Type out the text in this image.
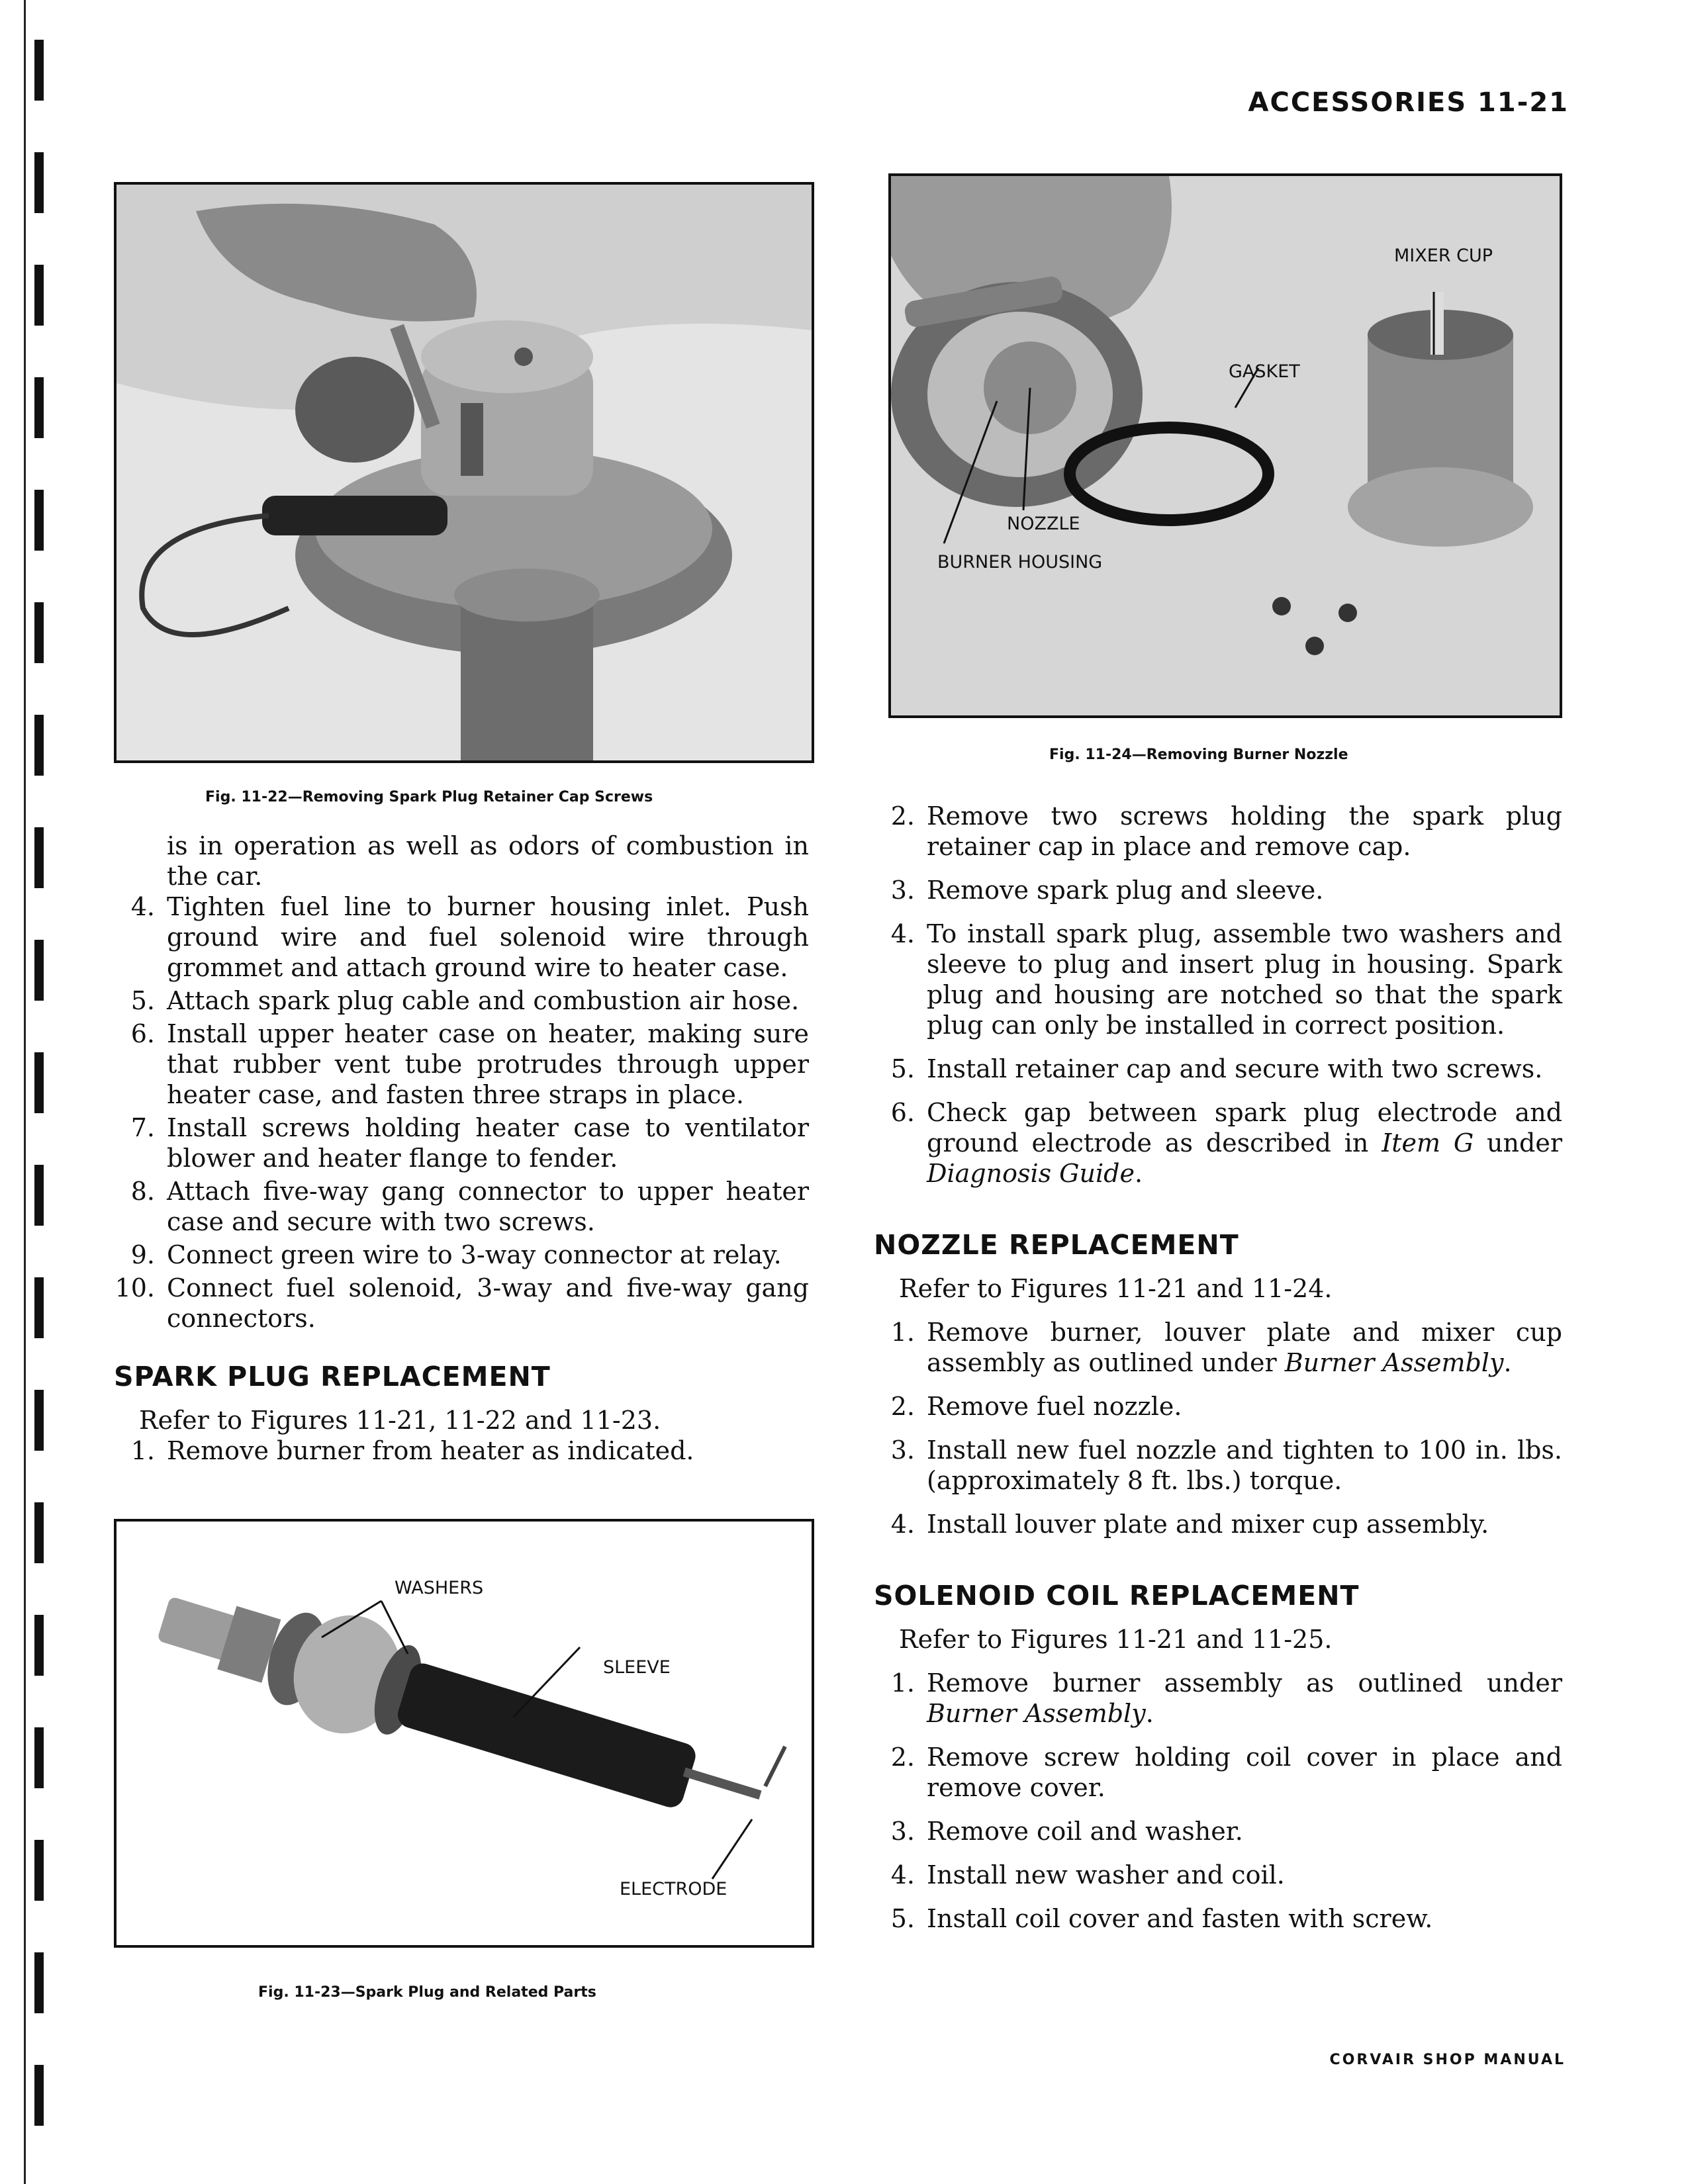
ACCESSORIES 11-21
Fig. 11-22—Removing Spark Plug Retainer Cap Screws
MIXER CUP
GASKET
NOZZLE
BURNER HOUSING
Fig. 11-24—Removing Burner Nozzle

is in operation as well as odors of combustion in the car.

4. Tighten fuel line to burner housing inlet. Push ground wire and fuel solenoid wire through grommet and attach ground wire to heater case.

5. Attach spark plug cable and combustion air hose.

6. Install upper heater case on heater, making sure that rubber vent tube protrudes through upper heater case, and fasten three straps in place.

7. Install screws holding heater case to ventilator blower and heater flange to fender.

8. Attach five-way gang connector to upper heater case and secure with two screws.

9. Connect green wire to 3-way connector at relay.

10. Connect fuel solenoid, 3-way and five-way gang connectors.

SPARK PLUG REPLACEMENT

Refer to Figures 11-21, 11-22 and 11-23.

1. Remove burner from heater as indicated.

WASHERS
SLEEVE
ELECTRODE
Fig. 11-23—Spark Plug and Related Parts

2. Remove two screws holding the spark plug retainer cap in place and remove cap.

3. Remove spark plug and sleeve.

4. To install spark plug, assemble two washers and sleeve to plug and insert plug in housing. Spark plug and housing are notched so that the spark plug can only be installed in correct position.

5. Install retainer cap and secure with two screws.

6. Check gap between spark plug electrode and ground electrode as described in Item G under Diagnosis Guide.

NOZZLE REPLACEMENT

Refer to Figures 11-21 and 11-24.

1. Remove burner, louver plate and mixer cup assembly as outlined under Burner Assembly.

2. Remove fuel nozzle.

3. Install new fuel nozzle and tighten to 100 in. lbs. (approximately 8 ft. lbs.) torque.

4. Install louver plate and mixer cup assembly.

SOLENOID COIL REPLACEMENT

Refer to Figures 11-21 and 11-25.

1. Remove burner assembly as outlined under Burner Assembly.

2. Remove screw holding coil cover in place and remove cover.

3. Remove coil and washer.

4. Install new washer and coil.

5. Install coil cover and fasten with screw.

CORVAIR SHOP MANUAL
